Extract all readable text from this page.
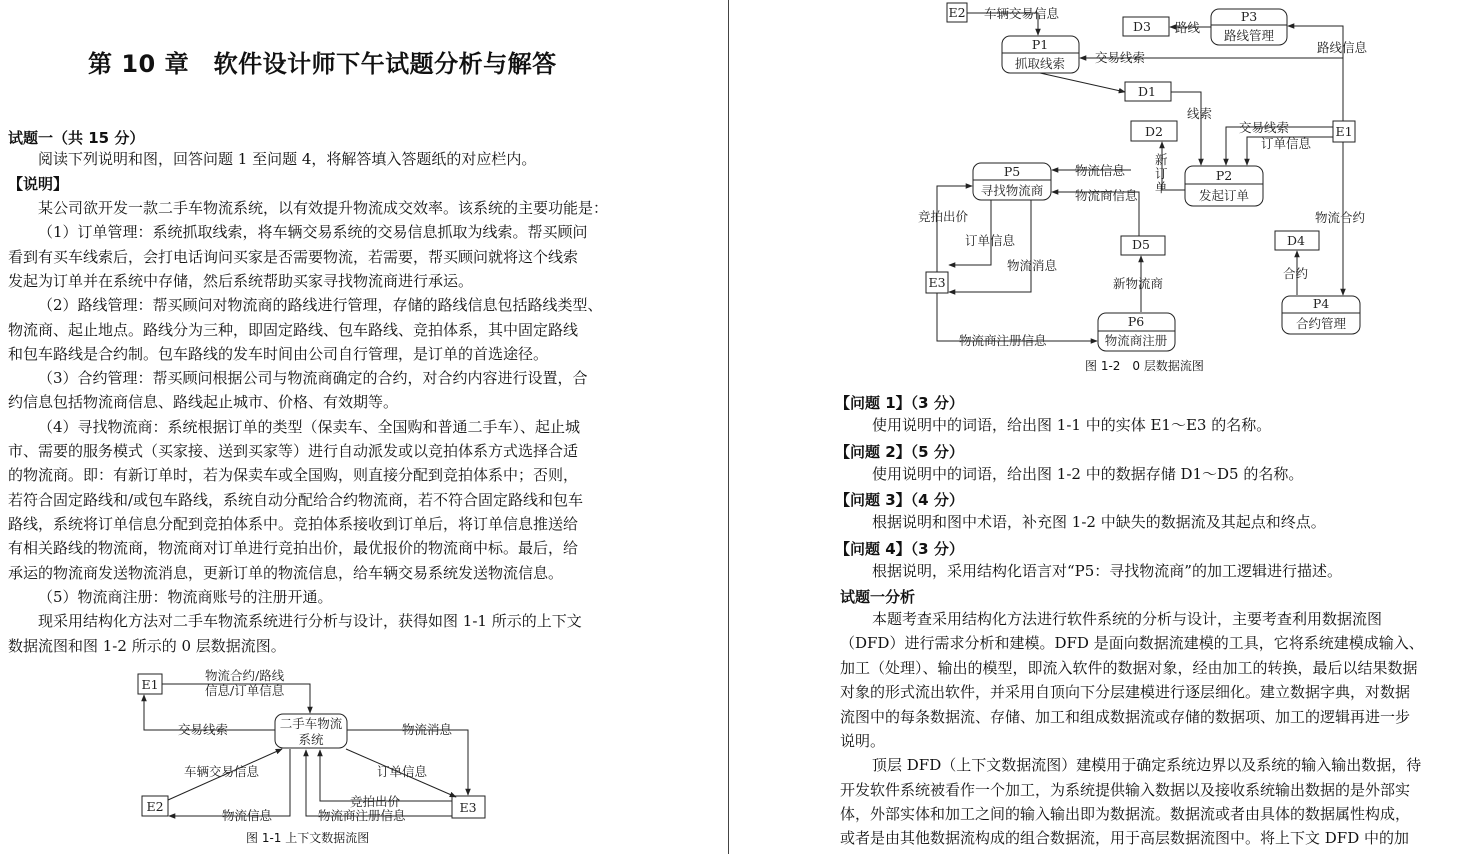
第 10 章　软件设计师下午试题分析与解答
试题一（共 15 分）
阅读下列说明和图，回答问题 1 至问题 4，将解答填入答题纸的对应栏内。
【说明】
某公司欲开发一款二手车物流系统，以有效提升物流成交效率。该系统的主要功能是：
（1）订单管理：系统抓取线索，将车辆交易系统的交易信息抓取为线索。帮买顾问
看到有买车线索后，会打电话询问买家是否需要物流，若需要，帮买顾问就将这个线索
发起为订单并在系统中存储，然后系统帮助买家寻找物流商进行承运。
（2）路线管理：帮买顾问对物流商的路线进行管理，存储的路线信息包括路线类型、
物流商、起止地点。路线分为三种，即固定路线、包车路线、竞拍体系，其中固定路线
和包车路线是合约制。包车路线的发车时间由公司自行管理，是订单的首选途径。
（3）合约管理：帮买顾问根据公司与物流商确定的合约，对合约内容进行设置，合
约信息包括物流商信息、路线起止城市、价格、有效期等。
（4）寻找物流商：系统根据订单的类型（保卖车、全国购和普通二手车）、起止城
市、需要的服务模式（买家接、送到买家等）进行自动派发或以竞拍体系方式选择合适
的物流商。即：有新订单时，若为保卖车或全国购，则直接分配到竞拍体系中；否则，
若符合固定路线和/或包车路线，系统自动分配给合约物流商，若不符合固定路线和包车
路线，系统将订单信息分配到竞拍体系中。竞拍体系接收到订单后，将订单信息推送给
有相关路线的物流商，物流商对订单进行竞拍出价，最优报价的物流商中标。最后，给
承运的物流商发送物流消息，更新订单的物流信息，给车辆交易系统发送物流信息。
（5）物流商注册：物流商账号的注册开通。
现采用结构化方法对二手车物流系统进行分析与设计，获得如图 1-1 所示的上下文
数据流图和图 1-2 所示的 0 层数据流图。
E1
E2	E3
二手车物流
系统
物流合约/路线
信息/订单信息
交易线索
车辆交易信息
物流信息
物流消息
订单信息
竞拍出价
物流商注册信息
图 1-1 上下文数据流图
E2 车辆交易信息
P1
抓取线索 交易线索
D3
P3
路线管理
路线
路线信息
D1
线索
E1
D2
P2
发起订单
交易线索
订单信息
新
订
单
P5
寻找物流商
物流信息
物流商信息
D5
E3
竞拍出价
订单信息
物流消息
P6
物流商注册
新物流商
物流商注册信息
D4
P4
合约管理
物流合约
合约
图 1-2　0 层数据流图
【问题 1】（3 分）
使用说明中的词语，给出图 1-1 中的实体 E1～E3 的名称。
【问题 2】（5 分）
使用说明中的词语，给出图 1-2 中的数据存储 D1～D5 的名称。
【问题 3】（4 分）
根据说明和图中术语，补充图 1-2 中缺失的数据流及其起点和终点。
【问题 4】（3 分）
根据说明，采用结构化语言对“P5：寻找物流商”的加工逻辑进行描述。
试题一分析
本题考查采用结构化方法进行软件系统的分析与设计，主要考查利用数据流图
（DFD）进行需求分析和建模。DFD 是面向数据流建模的工具，它将系统建模成输入、
加工（处理）、输出的模型，即流入软件的数据对象，经由加工的转换，最后以结果数据
对象的形式流出软件，并采用自顶向下分层建模进行逐层细化。建立数据字典，对数据
流图中的每条数据流、存储、加工和组成数据流或存储的数据项、加工的逻辑再进一步
说明。
顶层 DFD（上下文数据流图）建模用于确定系统边界以及系统的输入输出数据，待
开发软件系统被看作一个加工，为系统提供输入数据以及接收系统输出数据的是外部实
体，外部实体和加工之间的输入输出即为数据流。数据流或者由具体的数据属性构成，
或者是由其他数据流构成的组合数据流，用于高层数据流图中。将上下文 DFD 中的加
